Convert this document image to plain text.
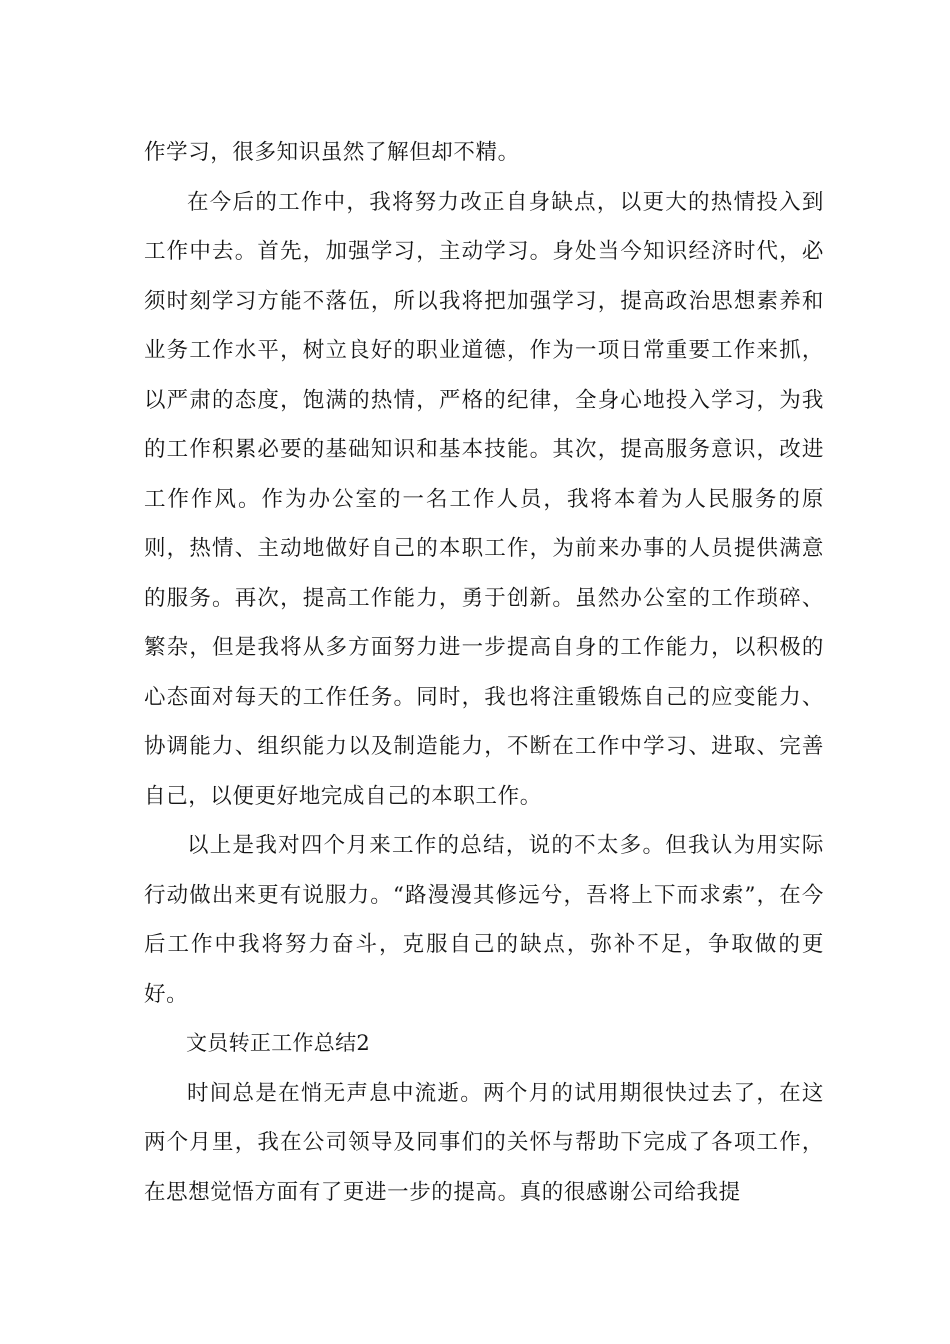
作学习，很多知识虽然了解但却不精。

在今后的工作中，我将努力改正自身缺点，以更大的热情投入到工作中去。首先，加强学习，主动学习。身处当今知识经济时代，必须时刻学习方能不落伍，所以我将把加强学习，提高政治思想素养和业务工作水平，树立良好的职业道德，作为一项日常重要工作来抓，以严肃的态度，饱满的热情，严格的纪律，全身心地投入学习，为我的工作积累必要的基础知识和基本技能。其次，提高服务意识，改进工作作风。作为办公室的一名工作人员，我将本着为人民服务的原则，热情、主动地做好自己的本职工作，为前来办事的人员提供满意的服务。再次，提高工作能力，勇于创新。虽然办公室的工作琐碎、繁杂，但是我将从多方面努力进一步提高自身的工作能力，以积极的心态面对每天的工作任务。同时，我也将注重锻炼自己的应变能力、协调能力、组织能力以及制造能力，不断在工作中学习、进取、完善自己，以便更好地完成自己的本职工作。

以上是我对四个月来工作的总结，说的不太多。但我认为用实际行动做出来更有说服力。“路漫漫其修远兮，吾将上下而求索”，在今后工作中我将努力奋斗，克服自己的缺点，弥补不足，争取做的更好。

文员转正工作总结2

时间总是在悄无声息中流逝。两个月的试用期很快过去了，在这两个月里，我在公司领导及同事们的关怀与帮助下完成了各项工作，在思想觉悟方面有了更进一步的提高。真的很感谢公司给我提
